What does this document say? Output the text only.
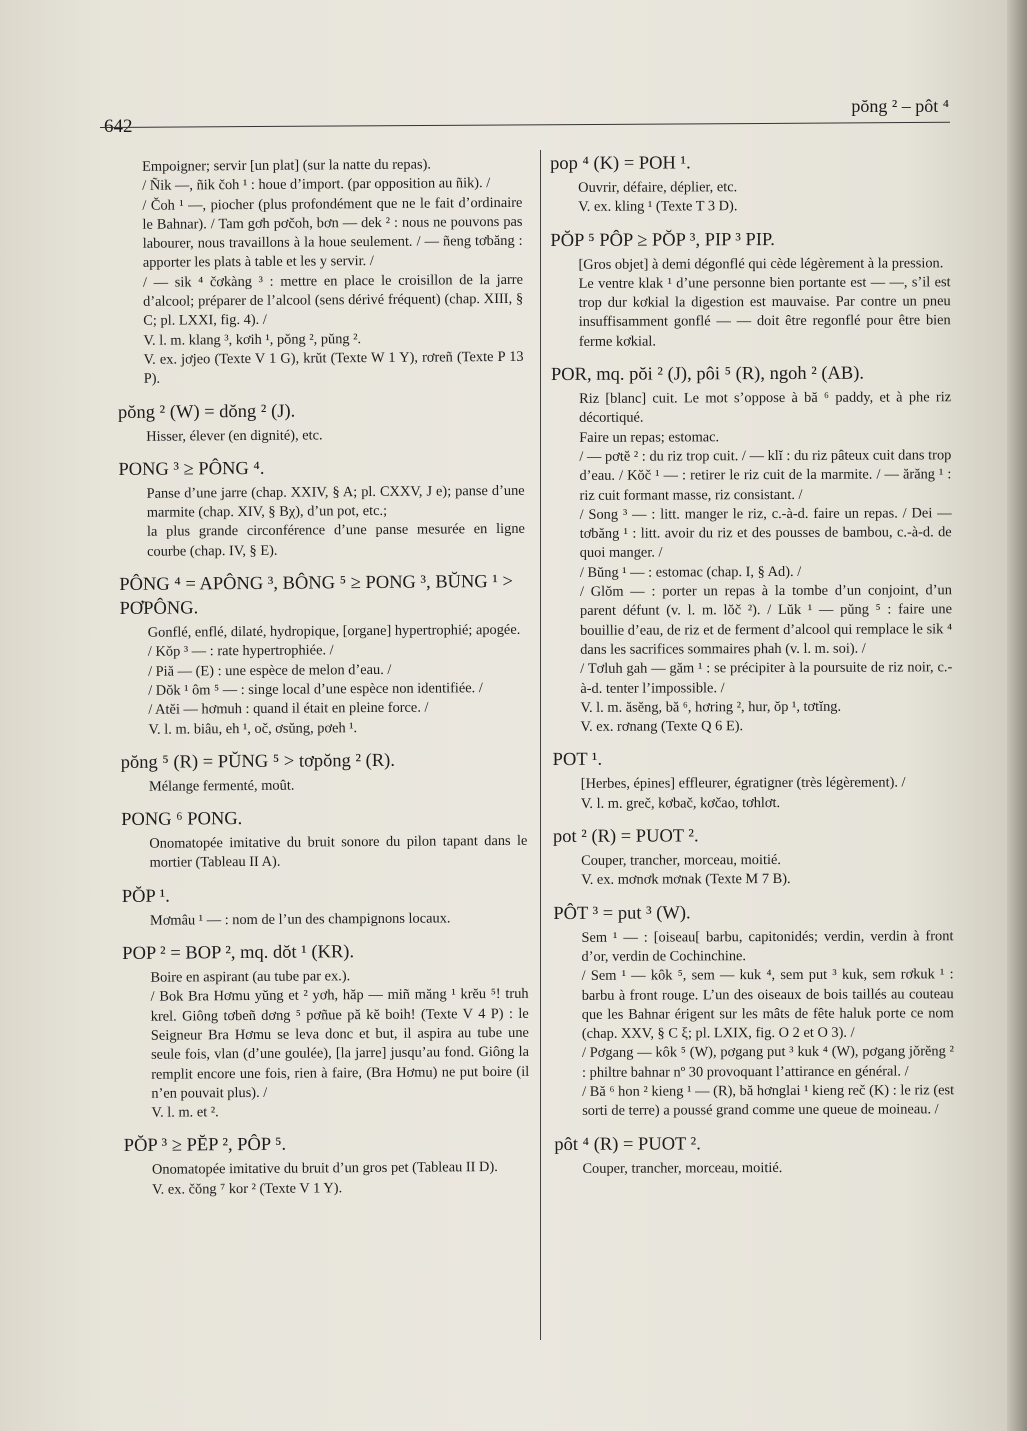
642
pŏng ² – pôt ⁴

Empoigner; servir [un plat] (sur la natte du repas).

/ Ñik —, ñik čoh ¹ : houe d’import. (par opposition au ñik). /

/ Čoh ¹ —, piocher (plus profondément que ne le fait d’ordinaire le Bahnar). / Tam gơh pơčoh, bơn — dek ² : nous ne pouvons pas labourer, nous travaillons à la houe seulement. / — ñeng tơbăng : apporter les plats à table et les y servir. /

/ — sik ⁴ čơkàng ³ : mettre en place le croisillon de la jarre d’alcool; préparer de l’alcool (sens dérivé fréquent) (chap. XIII, § C; pl. LXXI, fig. 4). /

V. l. m. klang ³, kơih ¹, pŏng ², pŭng ².

V. ex. jơjeo (Texte V 1 G), krŭt (Texte W 1 Y), rơreñ (Texte P 13 P).

pŏng ² (W) = dŏng ² (J).

Hisser, élever (en dignité), etc.

PONG ³ ≥ PÔNG ⁴.

Panse d’une jarre (chap. XXIV, § A; pl. CXXV, J e); panse d’une marmite (chap. XIV, § Bχ), d’un pot, etc.;

la plus grande circonférence d’une panse mesurée en ligne courbe (chap. IV, § E).

PÔNG ⁴ = APÔNG ³, BÔNG ⁵ ≥ PONG ³, BŬNG ¹ > PƠPÔNG.

Gonflé, enflé, dilaté, hydropique, [organe] hypertrophié; apogée.

/ Kŏp ³ — : rate hypertrophiée. /

/ Piă — (E) : une espèce de melon d’eau. /

/ Dŏk ¹ ôm ⁵ — : singe local d’une espèce non identifiée. /

/ Atĕi — hơmuh : quand il était en pleine force. /

V. l. m. biâu, eh ¹, oč, ơsŭng, pơeh ¹.

pŏng ⁵ (R) = PŬNG ⁵ > tơpŏng ² (R).

Mélange fermenté, moût.

PONG ⁶ PONG.

Onomatopée imitative du bruit sonore du pilon tapant dans le mortier (Tableau II A).

PŎP ¹.

Mơmâu ¹ — : nom de l’un des champignons locaux.

POP ² = BOP ², mq. dŏt ¹ (KR).

Boire en aspirant (au tube par ex.).

/ Bok Bra Hơmu yŭng et ² yơh, hăp — miñ măng ¹ krĕu ⁵! truh krel. Giông tơbeñ dơng ⁵ pơñue pă kĕ boih! (Texte V 4 P) : le Seigneur Bra Hơmu se leva donc et but, il aspira au tube une seule fois, vlan (d’une goulée), [la jarre] jusqu’au fond. Giông la remplit encore une fois, rien à faire, (Bra Hơmu) ne put boire (il n’en pouvait plus). /

V. l. m. et ².

PŎP ³ ≥ PĔP ², PÔP ⁵.

Onomatopée imitative du bruit d’un gros pet (Tableau II D).

V. ex. čŏng ⁷ kor ² (Texte V 1 Y).

pop ⁴ (K) = POH ¹.

Ouvrir, défaire, déplier, etc.

V. ex. kling ¹ (Texte T 3 D).

PŎP ⁵ PÔP ≥ PŎP ³, PIP ³ PIP.

[Gros objet] à demi dégonflé qui cède légèrement à la pression.

Le ventre klak ¹ d’une personne bien portante est — —, s’il est trop dur kơkial la digestion est mauvaise. Par contre un pneu insuffisamment gonflé — — doit être regonflé pour être bien ferme kơkial.

POR, mq. pŏi ² (J), pôi ⁵ (R), ngoh ² (AB).

Riz [blanc] cuit. Le mot s’oppose à bă ⁶ paddy, et à phe riz décortiqué.

Faire un repas; estomac.

/ — pơtĕ ² : du riz trop cuit. / — klĭ : du riz pâteux cuit dans trop d’eau. / Kŏč ¹ — : retirer le riz cuit de la marmite. / — ărăng ¹ : riz cuit formant masse, riz consistant. /

/ Song ³ — : litt. manger le riz, c.-à-d. faire un repas. / Dei — tơbăng ¹ : litt. avoir du riz et des pousses de bambou, c.-à-d. de quoi manger. /

/ Bŭng ¹ — : estomac (chap. I, § Ad). /

/ Glŏm — : porter un repas à la tombe d’un conjoint, d’un parent défunt (v. l. m. lŏč ²). / Lŭk ¹ — pŭng ⁵ : faire une bouillie d’eau, de riz et de ferment d’alcool qui remplace le sik ⁴ dans les sacrifices sommaires phah (v. l. m. soi). /

/ Tơluh gah — găm ¹ : se précipiter à la poursuite de riz noir, c.-à-d. tenter l’impossible. /

V. l. m. ăsĕng, bă ⁶, hơring ², hur, ŏp ¹, tơtĭng.

V. ex. rơnang (Texte Q 6 E).

POT ¹.

[Herbes, épines] effleurer, égratigner (très légèrement). /

V. l. m. grеč, kơbač, kơčao, tơhlơt.

pot ² (R) = PUOT ².

Couper, trancher, morceau, moitié.

V. ex. mơnơk mơnak (Texte M 7 B).

PÔT ³ = put ³ (W).

Sem ¹ — : [oiseau[ barbu, capitonidés; verdin, verdin à front d’or, verdin de Cochinchine.

/ Sem ¹ — kôk ⁵, sem — kuk ⁴, sem put ³ kuk, sem rơkuk ¹ : barbu à front rouge. L’un des oiseaux de bois taillés au couteau que les Bahnar érigent sur les mâts de fête haluk porte ce nom (chap. XXV, § C ξ; pl. LXIX, fig. O 2 et O 3). /

/ Pơgang — kôk ⁵ (W), pơgang put ³ kuk ⁴ (W), pơgang jŏrĕng ² : philtre bahnar nº 30 provoquant l’attirance en général. /

/ Bă ⁶ hon ² kieng ¹ — (R), bă hơnglai ¹ kieng reč (K) : le riz (est sorti de terre) a poussé grand comme une queue de moineau. /

pôt ⁴ (R) = PUOT ².

Couper, trancher, morceau, moitié.
